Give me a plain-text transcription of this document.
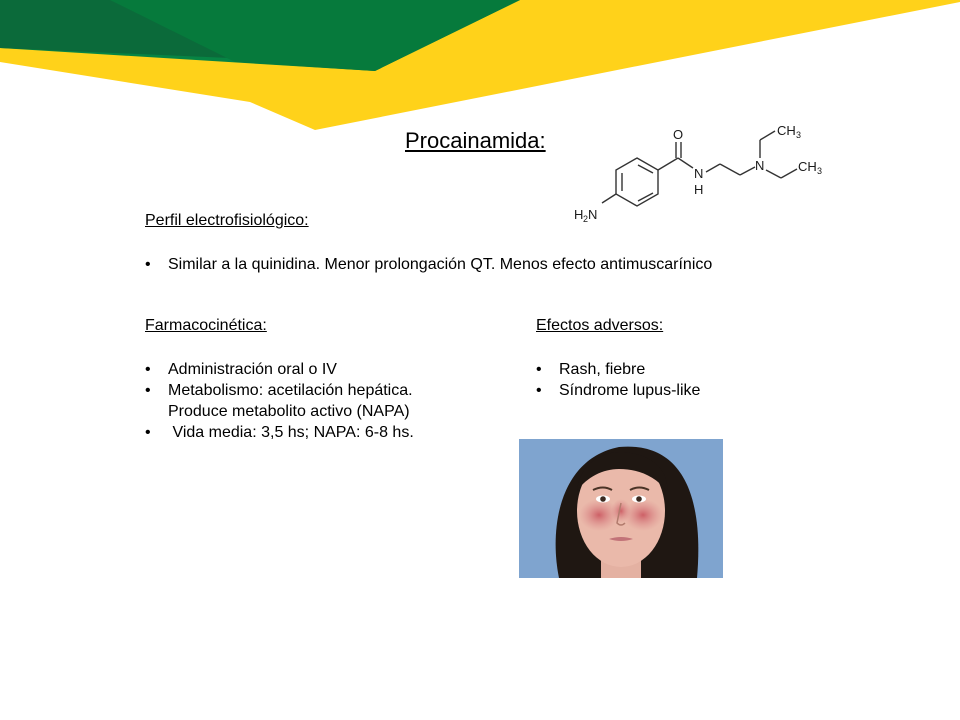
Procainamida:
H 2 N
O
N
H
N
CH 3
CH 3
Perfil electrofisiológico:
• Similar a la quinidina. Menor prolongación QT. Menos efecto antimuscarínico
Farmacocinética:
• Administración oral o IV
• Metabolismo: acetilación hepática.
Produce metabolito activo (NAPA)
• Vida media: 3,5 hs; NAPA: 6-8 hs.
Efectos adversos:
• Rash, fiebre
• Síndrome lupus-like
